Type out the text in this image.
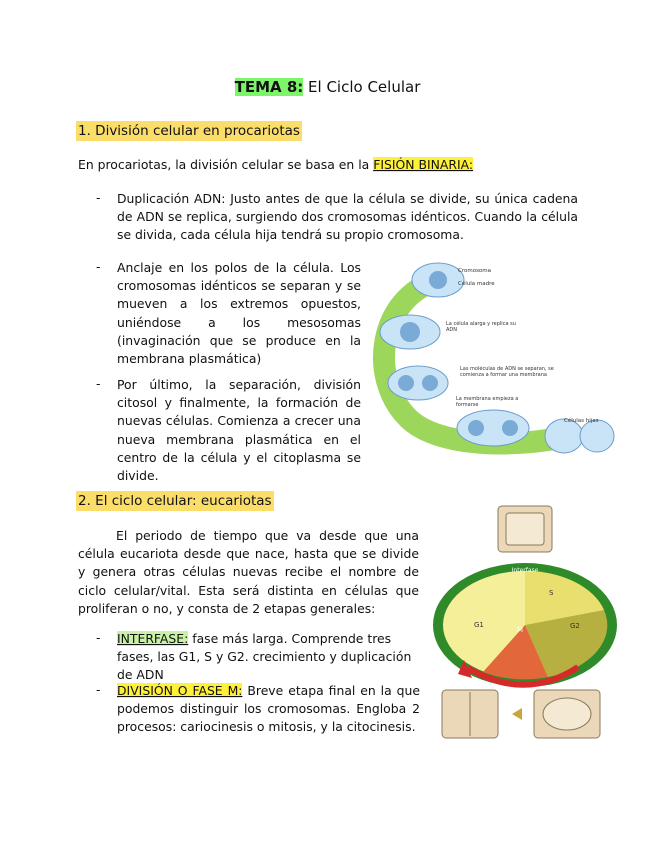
TEMA 8: El Ciclo Celular
1. División celular en procariotas
En procariotas, la división celular se basa en la FISIÓN BINARIA:
- Duplicación ADN: Justo antes de que la célula se divide, su única cadena de ADN se replica, surgiendo dos cromosomas idénticos. Cuando la célula se divida, cada célula hija tendrá su propio cromosoma.
- Anclaje en los polos de la célula. Los cromosomas idénticos se separan y se mueven a los extremos opuestos, uniéndose a los mesosomas (invaginación que se produce en la membrana plasmática)
- Por último, la separación, división citosol y finalmente, la formación de nuevas células. Comienza a crecer una nueva membrana plasmática en el centro de la célula y el citoplasma se divide.
Cromosoma
Célula madre
La célula alarga y replica su ADN
Las moléculas de ADN se separan, se comienza a formar una membrana
La membrana empieza a formarse
Células hijas
2. El ciclo celular: eucariotas
El periodo de tiempo que va desde que una célula eucariota desde que nace, hasta que se divide y genera otras células nuevas recibe el nombre de ciclo celular/vital. Esta será distinta en células que proliferan o no, y consta de 2 etapas generales:
- INTERFASE: fase más larga. Comprende tres fases, las G1, S y G2. crecimiento y duplicación de ADN
- DIVISIÓN O FASE M: Breve etapa final en la que podemos distinguir los cromosomas. Engloba 2 procesos: cariocinesis o mitosis, y la citocinesis.
Interfase
S
G1	G2
M
